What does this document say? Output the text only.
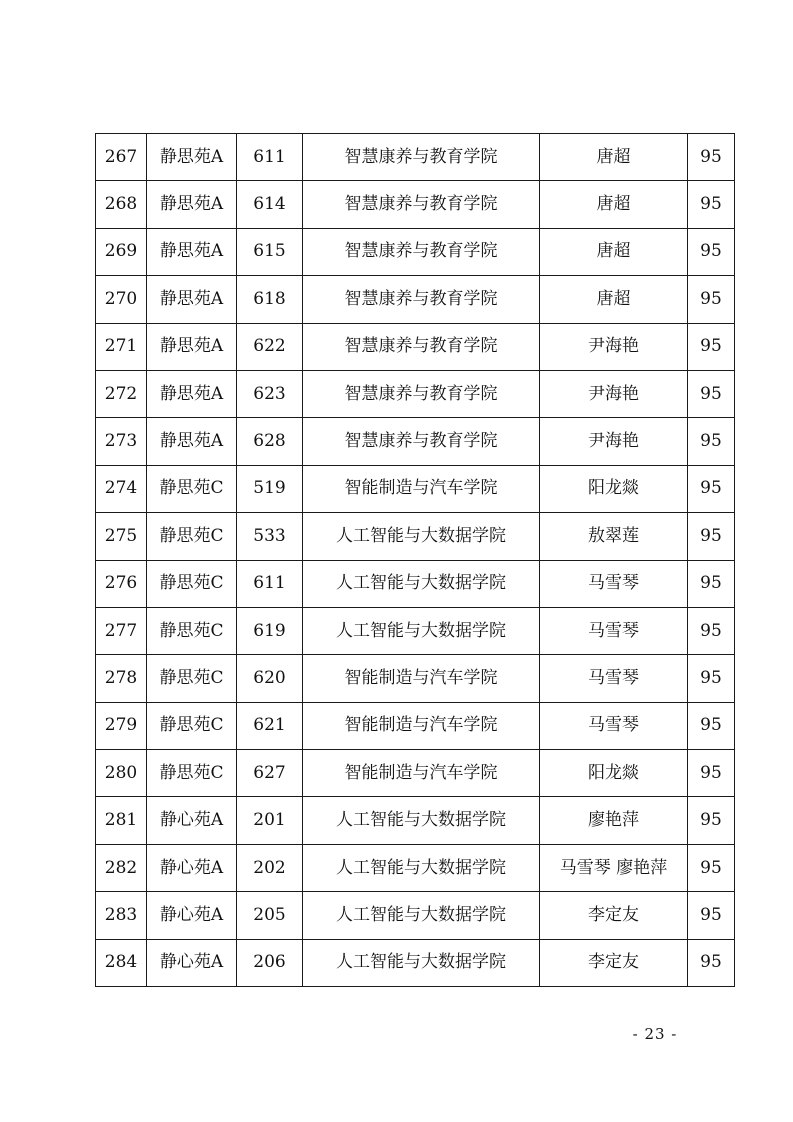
267	静思苑A	611	智慧康养与教育学院	唐超	95
268	静思苑A	614	智慧康养与教育学院	唐超	95
269	静思苑A	615	智慧康养与教育学院	唐超	95
270	静思苑A	618	智慧康养与教育学院	唐超	95
271	静思苑A	622	智慧康养与教育学院	尹海艳	95
272	静思苑A	623	智慧康养与教育学院	尹海艳	95
273	静思苑A	628	智慧康养与教育学院	尹海艳	95
274	静思苑C	519	智能制造与汽车学院	阳龙燚	95
275	静思苑C	533	人工智能与大数据学院	敖翠莲	95
276	静思苑C	611	人工智能与大数据学院	马雪琴	95
277	静思苑C	619	人工智能与大数据学院	马雪琴	95
278	静思苑C	620	智能制造与汽车学院	马雪琴	95
279	静思苑C	621	智能制造与汽车学院	马雪琴	95
280	静思苑C	627	智能制造与汽车学院	阳龙燚	95
281	静心苑A	201	人工智能与大数据学院	廖艳萍	95
282	静心苑A	202	人工智能与大数据学院	马雪琴 廖艳萍	95
283	静心苑A	205	人工智能与大数据学院	李定友	95
284	静心苑A	206	人工智能与大数据学院	李定友	95
- 23 -
